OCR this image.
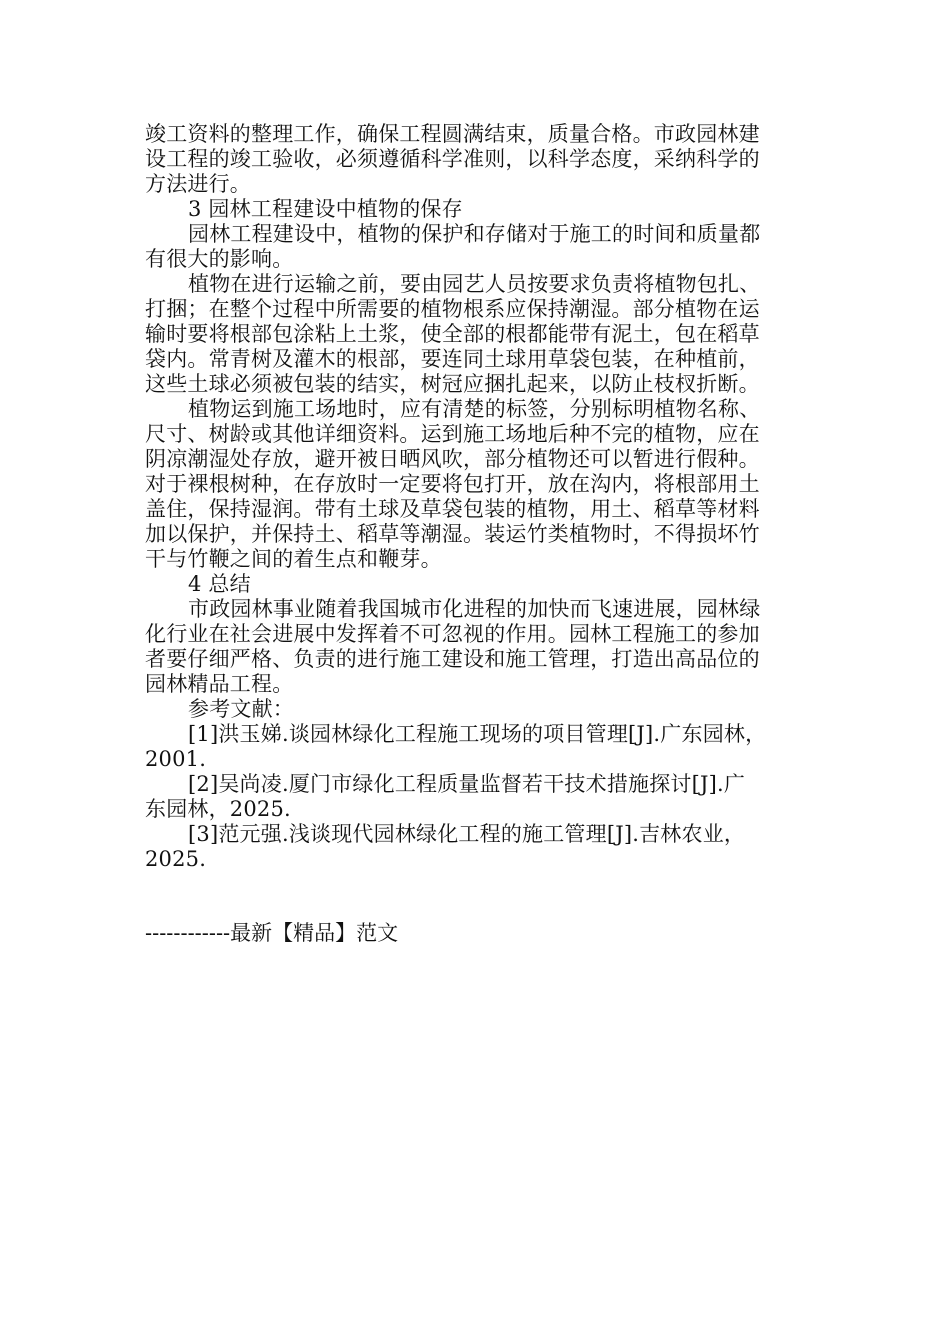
竣工资料的整理工作，确保工程圆满结束，质量合格。市政园林建
设工程的竣工验收，必须遵循科学准则，以科学态度，采纳科学的
方法进行。
3 园林工程建设中植物的保存
园林工程建设中，植物的保护和存储对于施工的时间和质量都
有很大的影响。
植物在进行运输之前，要由园艺人员按要求负责将植物包扎、
打捆；在整个过程中所需要的植物根系应保持潮湿。部分植物在运
输时要将根部包涂粘上土浆，使全部的根都能带有泥土，包在稻草
袋内。常青树及灌木的根部，要连同土球用草袋包装，在种植前，
这些土球必须被包装的结实，树冠应捆扎起来，以防止枝杈折断。
植物运到施工场地时，应有清楚的标签，分别标明植物名称、
尺寸、树龄或其他详细资料。运到施工场地后种不完的植物，应在
阴凉潮湿处存放，避开被日晒风吹，部分植物还可以暂进行假种。
对于裸根树种，在存放时一定要将包打开，放在沟内，将根部用土
盖住，保持湿润。带有土球及草袋包装的植物，用土、稻草等材料
加以保护，并保持土、稻草等潮湿。装运竹类植物时，不得损坏竹
干与竹鞭之间的着生点和鞭芽。
4 总结
市政园林事业随着我国城市化进程的加快而飞速进展，园林绿
化行业在社会进展中发挥着不可忽视的作用。园林工程施工的参加
者要仔细严格、负责的进行施工建设和施工管理，打造出高品位的
园林精品工程。
参考文献：
[1]洪玉娣.谈园林绿化工程施工现场的项目管理[J].广东园林，
2001.
[2]吴尚凌.厦门市绿化工程质量监督若干技术措施探讨[J].广
东园林，2025.
[3]范元强.浅谈现代园林绿化工程的施工管理[J].吉林农业，
2025.
------------最新【精品】范文
